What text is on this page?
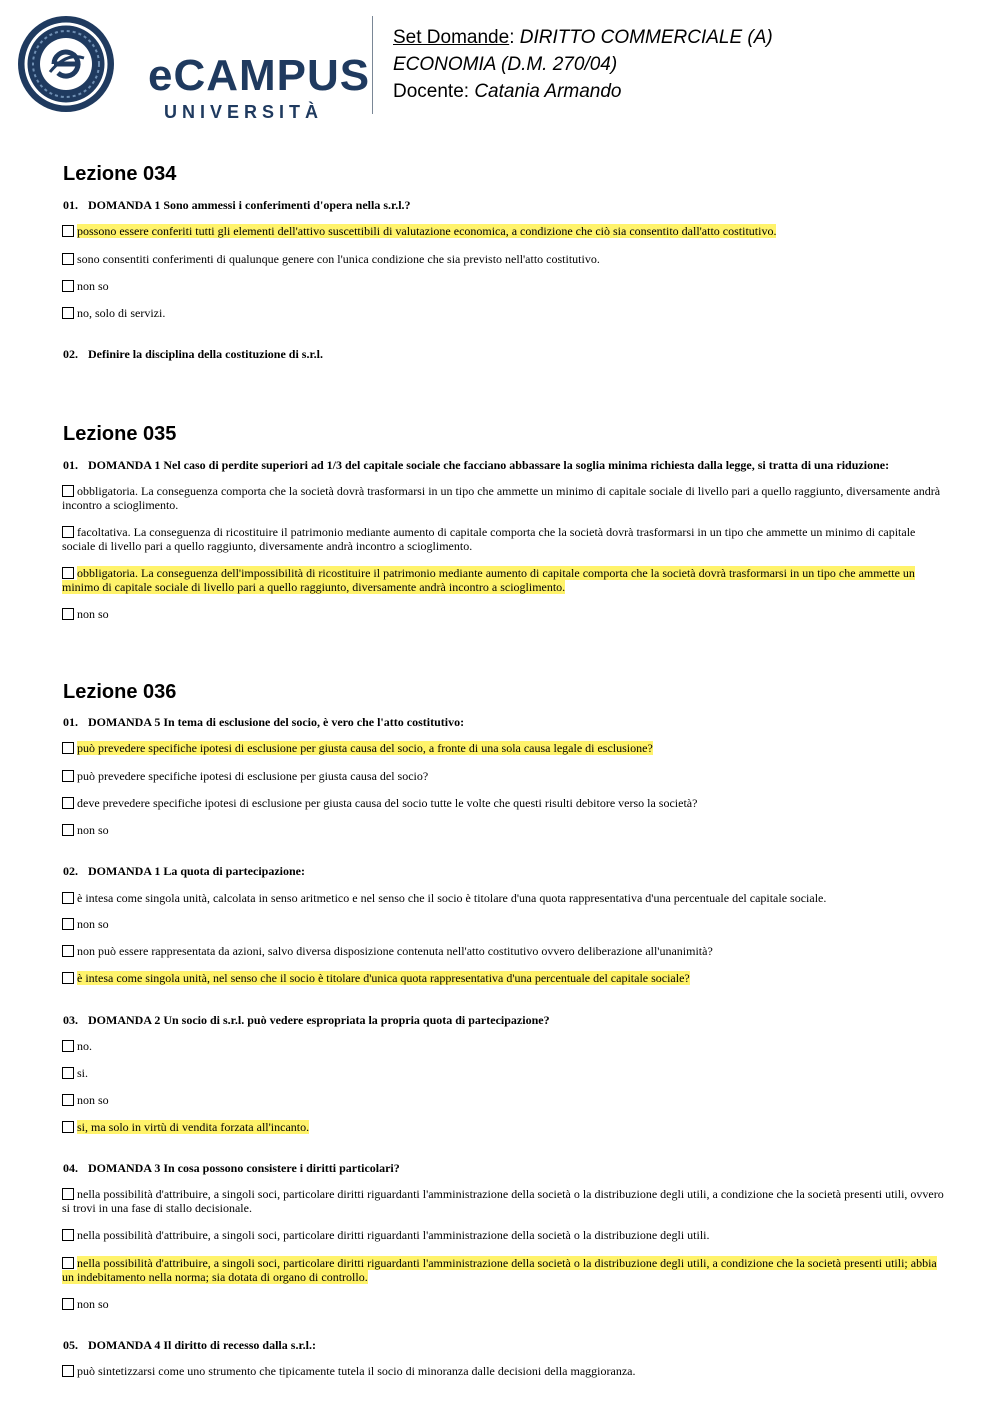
eCAMPUS
UNIVERSITÀ
Set Domande: DIRITTO COMMERCIALE (A)
ECONOMIA (D.M. 270/04)
Docente: Catania Armando
Lezione 034

01. DOMANDA 1 Sono ammessi i conferimenti d'opera nella s.r.l.?

possono essere conferiti tutti gli elementi dell'attivo suscettibili di valutazione economica, a condizione che ciò sia consentito dall'atto costitutivo.

sono consentiti conferimenti di qualunque genere con l'unica condizione che sia previsto nell'atto costitutivo.

non so

no, solo di servizi.

02. Definire la disciplina della costituzione di s.r.l.

Lezione 035

01. DOMANDA 1 Nel caso di perdite superiori ad 1/3 del capitale sociale che facciano abbassare la soglia minima richiesta dalla legge, si tratta di una riduzione:

obbligatoria. La conseguenza comporta che la società dovrà trasformarsi in un tipo che ammette un minimo di capitale sociale di livello pari a quello raggiunto, diversamente andrà incontro a scioglimento.

facoltativa. La conseguenza di ricostituire il patrimonio mediante aumento di capitale comporta che la società dovrà trasformarsi in un tipo che ammette un minimo di capitale sociale di livello pari a quello raggiunto, diversamente andrà incontro a scioglimento.

obbligatoria. La conseguenza dell'impossibilità di ricostituire il patrimonio mediante aumento di capitale comporta che la società dovrà trasformarsi in un tipo che ammette un minimo di capitale sociale di livello pari a quello raggiunto, diversamente andrà incontro a scioglimento.

non so

Lezione 036

01. DOMANDA 5 In tema di esclusione del socio, è vero che l'atto costitutivo:

può prevedere specifiche ipotesi di esclusione per giusta causa del socio, a fronte di una sola causa legale di esclusione?

può prevedere specifiche ipotesi di esclusione per giusta causa del socio?

deve prevedere specifiche ipotesi di esclusione per giusta causa del socio tutte le volte che questi risulti debitore verso la società?

non so

02. DOMANDA 1 La quota di partecipazione:

è intesa come singola unità, calcolata in senso aritmetico e nel senso che il socio è titolare d'una quota rappresentativa d'una percentuale del capitale sociale.

non so

non può essere rappresentata da azioni, salvo diversa disposizione contenuta nell'atto costitutivo ovvero deliberazione all'unanimità?

è intesa come singola unità, nel senso che il socio è titolare d'unica quota rappresentativa d'una percentuale del capitale sociale?

03. DOMANDA 2 Un socio di s.r.l. può vedere espropriata la propria quota di partecipazione?

no.

si.

non so

si, ma solo in virtù di vendita forzata all'incanto.

04. DOMANDA 3 In cosa possono consistere i diritti particolari?

nella possibilità d'attribuire, a singoli soci, particolare diritti riguardanti l'amministrazione della società o la distribuzione degli utili, a condizione che la società presenti utili, ovvero si trovi in una fase di stallo decisionale.

nella possibilità d'attribuire, a singoli soci, particolare diritti riguardanti l'amministrazione della società o la distribuzione degli utili.

nella possibilità d'attribuire, a singoli soci, particolare diritti riguardanti l'amministrazione della società o la distribuzione degli utili, a condizione che la società presenti utili; abbia un indebitamento nella norma; sia dotata di organo di controllo.

non so

05. DOMANDA 4 Il diritto di recesso dalla s.r.l.:

può sintetizzarsi come uno strumento che tipicamente tutela il socio di minoranza dalle decisioni della maggioranza.
